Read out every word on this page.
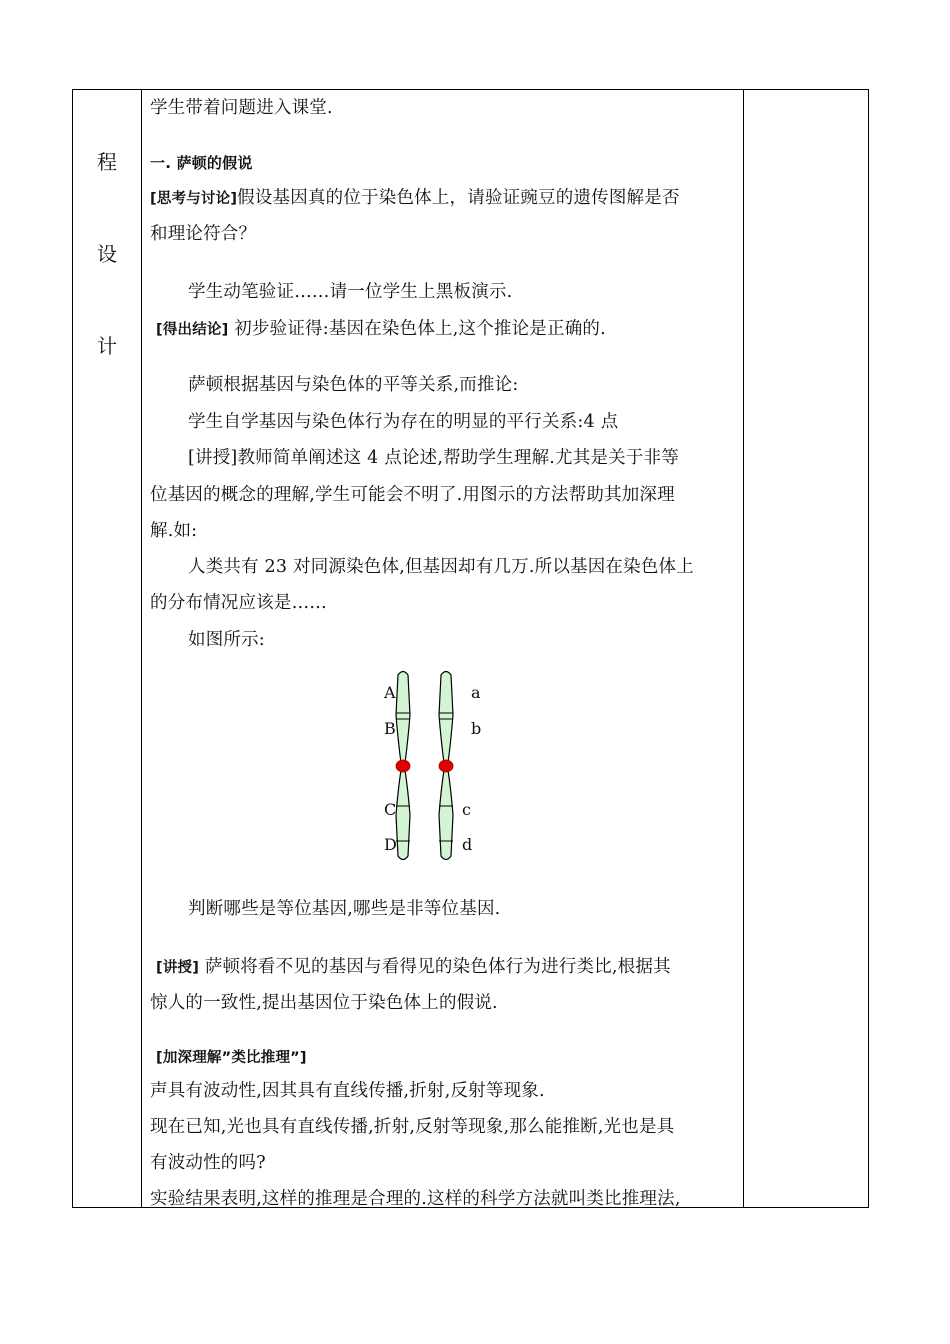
程
设
计
学生带着问题进入课堂.
一. 萨顿的假说
[思考与讨论]假设基因真的位于染色体上，请验证豌豆的遗传图解是否
和理论符合？
学生动笔验证……请一位学生上黑板演示.
[得出结论] 初步验证得:基因在染色体上,这个推论是正确的.
萨顿根据基因与染色体的平等关系,而推论:
学生自学基因与染色体行为存在的明显的平行关系:4 点
[讲授]教师简单阐述这 4 点论述,帮助学生理解.尤其是关于非等
位基因的概念的理解,学生可能会不明了.用图示的方法帮助其加深理
解.如:
人类共有 23 对同源染色体,但基因却有几万.所以基因在染色体上
的分布情况应该是……
如图所示:
A
B
C
D
a
b
c
d
判断哪些是等位基因,哪些是非等位基因.
[讲授] 萨顿将看不见的基因与看得见的染色体行为进行类比,根据其
惊人的一致性,提出基因位于染色体上的假说.
[加深理解”类比推理”]
声具有波动性,因其具有直线传播,折射,反射等现象.
现在已知,光也具有直线传播,折射,反射等现象,那么能推断,光也是具
有波动性的吗?
实验结果表明,这样的推理是合理的.这样的科学方法就叫类比推理法,
